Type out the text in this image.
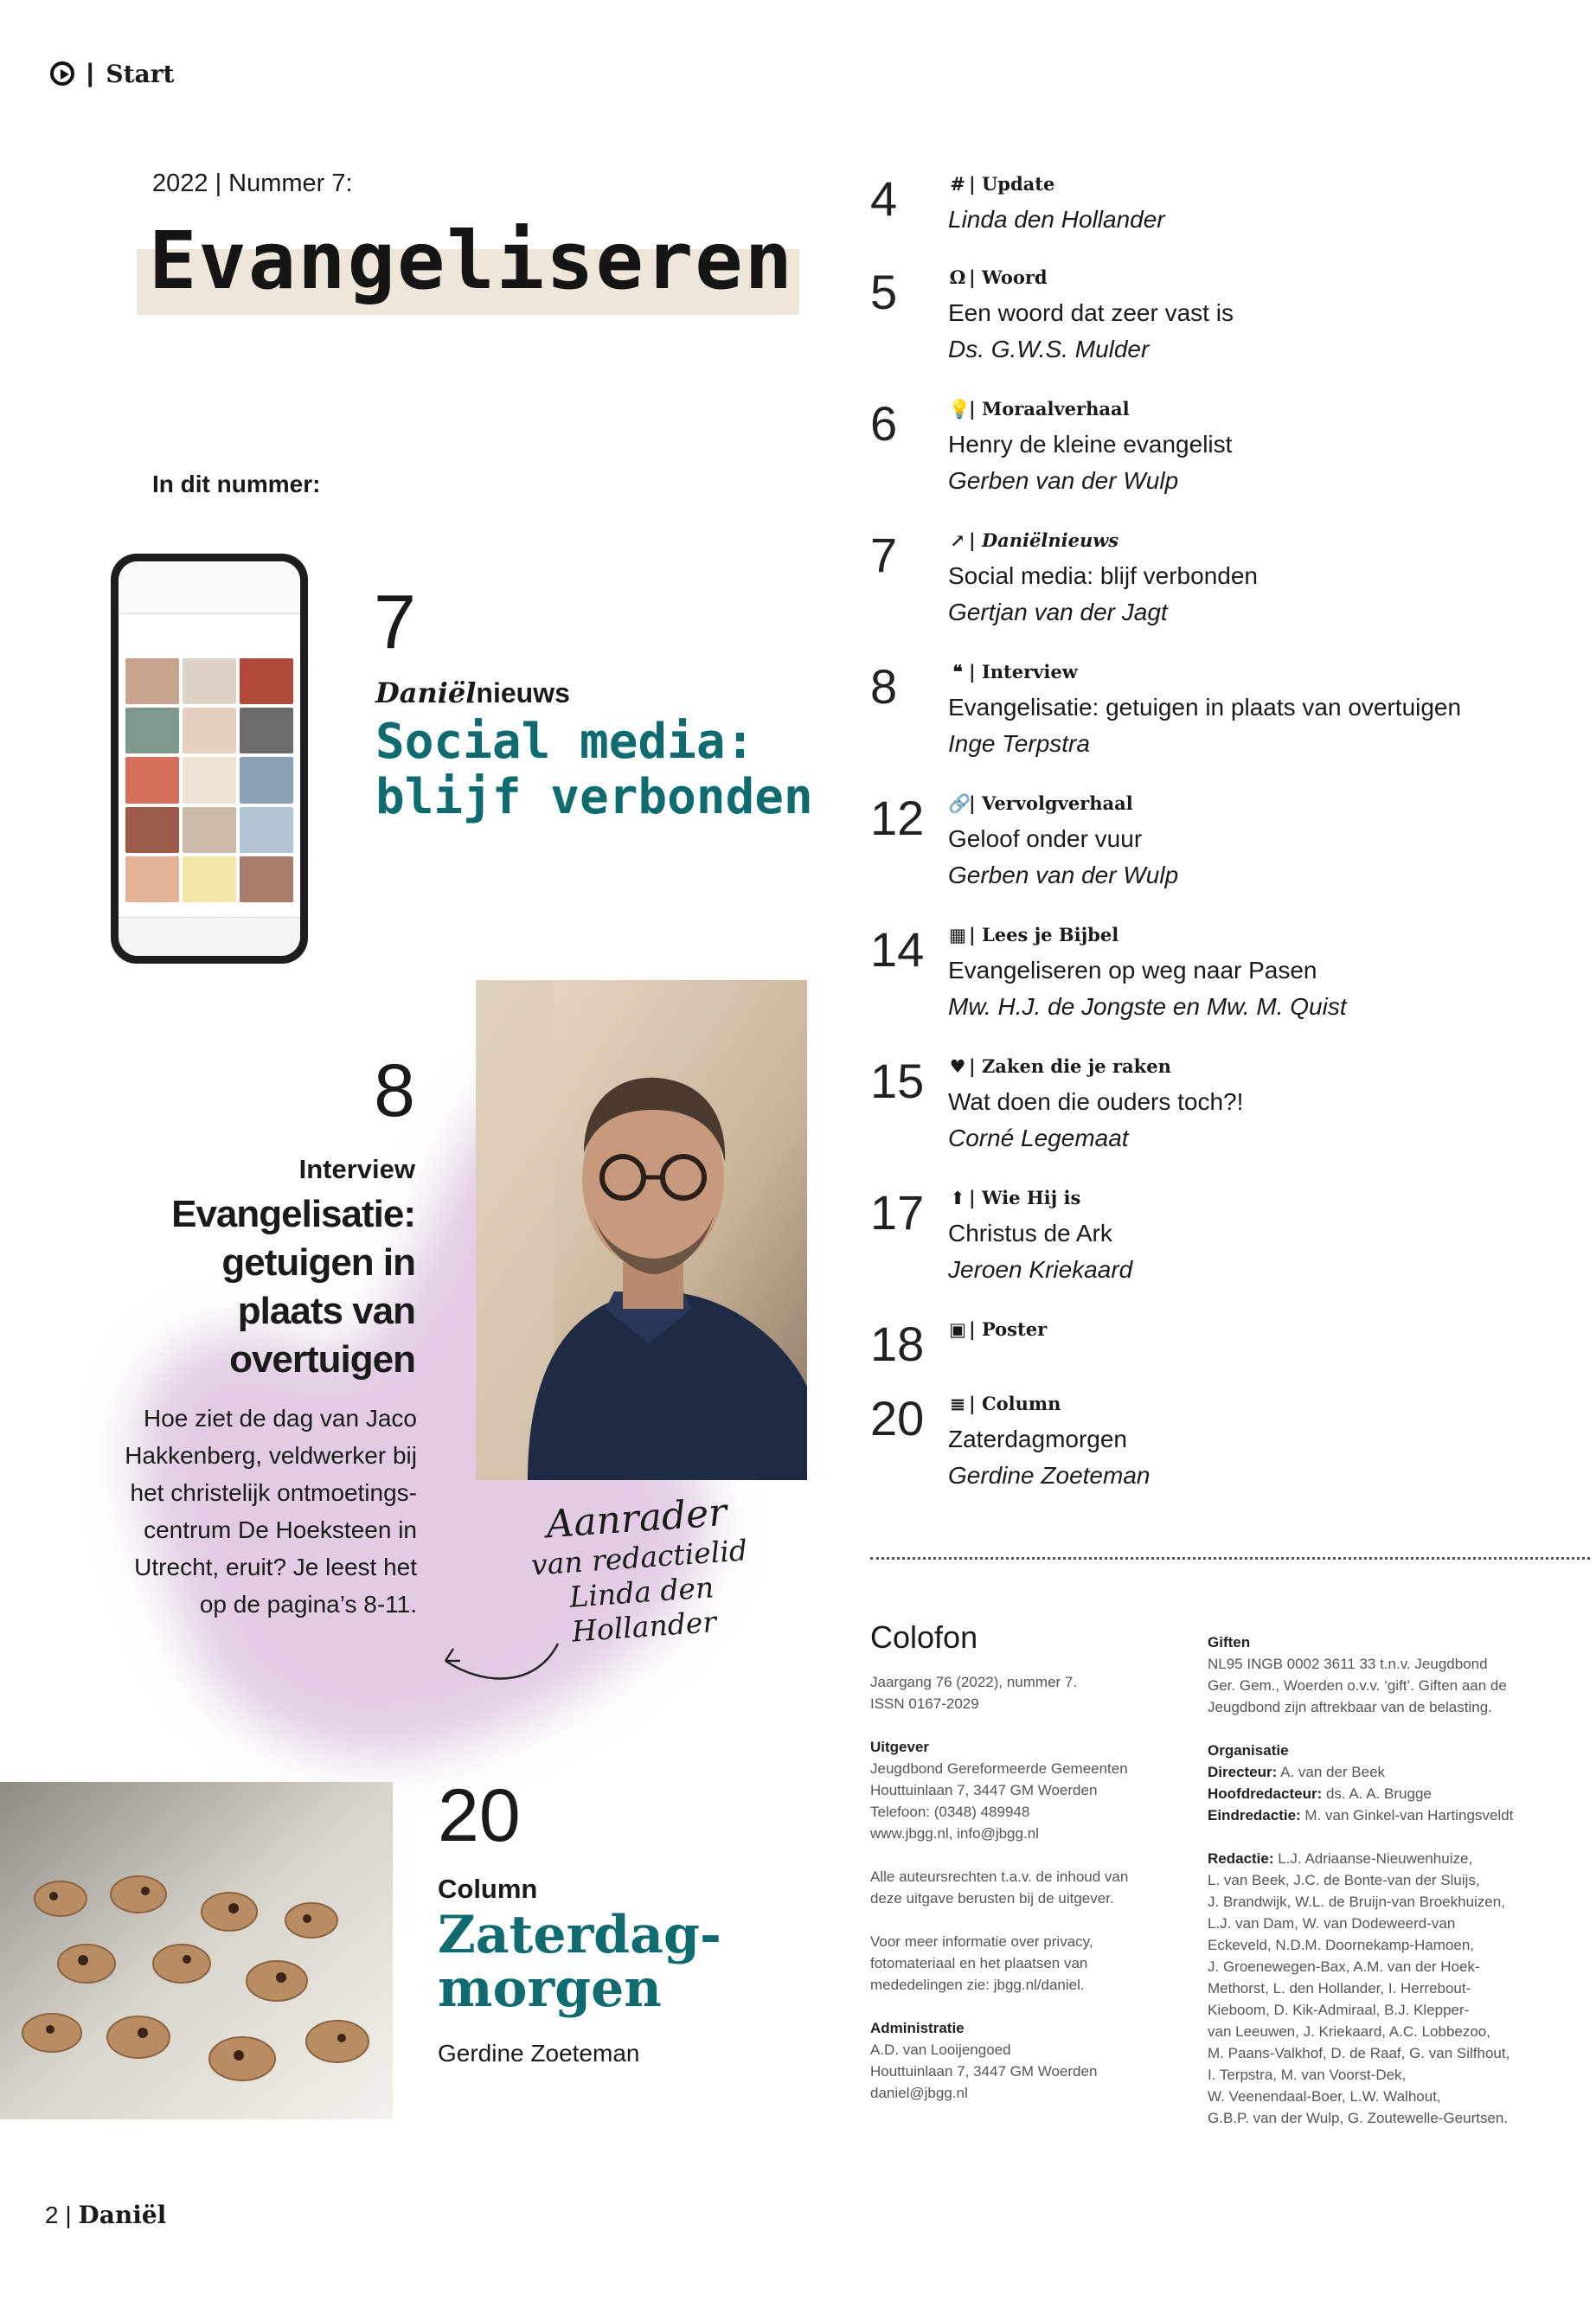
| Start
2022 | Nummer 7:
Evangeliseren
In dit nummer:
7
Daniëlnieuws
Social media:
blijf verbonden
8
Interview
Evangelisatie:
getuigen in
plaats van
overtuigen
Hoe ziet de dag van Jaco
Hakkenberg, veldwerker bij
het christelijk ontmoetings-
centrum De Hoeksteen in
Utrecht, eruit? Je leest het
op de pagina’s 8-11.
Aanrader
van redactielid
Linda den Hollander
20
Column
Zaterdag-
morgen
Gerdine Zoeteman
4	# | Update
Linda den Hollander
5	Ω | Woord
Een woord dat zeer vast is
Ds. G.W.S. Mulder
6	💡| Moraalverhaal
Henry de kleine evangelist
Gerben van der Wulp
7	↗ | Daniëlnieuws
Social media: blijf verbonden
Gertjan van der Jagt
8	❝ | Interview
Evangelisatie: getuigen in plaats van overtuigen
Inge Terpstra
12 🔗| Vervolgverhaal
Geloof onder vuur
Gerben van der Wulp
14 ▦ | Lees je Bijbel
Evangeliseren op weg naar Pasen
Mw. H.J. de Jongste en Mw. M. Quist
15 ♥ | Zaken die je raken
Wat doen die ouders toch?!
Corné Legemaat
17 ⬆ | Wie Hij is
Christus de Ark
Jeroen Kriekaard
18 ▣ | Poster
20 ≣ | Column
Zaterdagmorgen
Gerdine Zoeteman
Colofon

Jaargang 76 (2022), nummer 7.
ISSN 0167-2029

Uitgever
Jeugdbond Gereformeerde Gemeenten
Houttuinlaan 7, 3447 GM Woerden
Telefoon: (0348) 489948
www.jbgg.nl, info@jbgg.nl

Alle auteursrechten t.a.v. de inhoud van
deze uitgave berusten bij de uitgever.

Voor meer informatie over privacy,
fotomateriaal en het plaatsen van
mededelingen zie: jbgg.nl/daniel.

Administratie
A.D. van Looijengoed
Houttuinlaan 7, 3447 GM Woerden
daniel@jbgg.nl

Giften
NL95 INGB 0002 3611 33 t.n.v. Jeugdbond
Ger. Gem., Woerden o.v.v. ‘gift’. Giften aan de
Jeugdbond zijn aftrekbaar van de belasting.

Organisatie
Directeur: A. van der Beek
Hoofdredacteur: ds. A. A. Brugge
Eindredactie: M. van Ginkel-van Hartingsveldt

Redactie: L.J. Adriaanse-Nieuwenhuize,
L. van Beek, J.C. de Bonte-van der Sluijs,
J. Brandwijk, W.L. de Bruijn-van Broekhuizen,
L.J. van Dam, W. van Dodeweerd-van
Eckeveld, N.D.M. Doornekamp-Hamoen,
J. Groenewegen-Bax, A.M. van der Hoek-
Methorst, L. den Hollander, I. Herrebout-
Kieboom, D. Kik-Admiraal, B.J. Klepper-
van Leeuwen, J. Kriekaard, A.C. Lobbezoo,
M. Paans-Valkhof, D. de Raaf, G. van Silfhout,
I. Terpstra, M. van Voorst-Dek,
W. Veenendaal-Boer, L.W. Walhout,
G.B.P. van der Wulp, G. Zoutewelle-Geurtsen.

2 | Daniël
